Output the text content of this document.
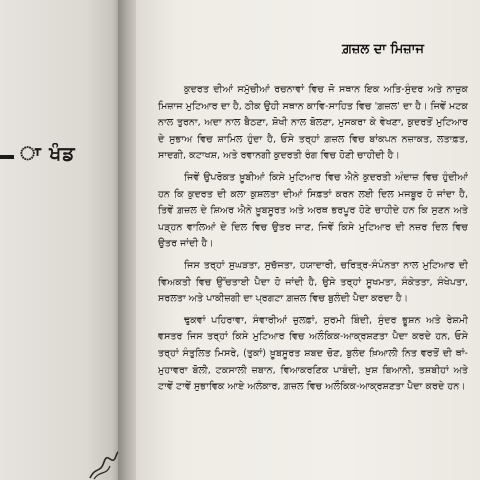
ਾ ਖੰਡ
ਗ਼ਜ਼ਲ ਦਾ ਮਿਜ਼ਾਜ

ਕੁਦਰਤ ਦੀਆਂ ਸਮੁੱਚੀਆਂ ਰਚਨਾਵਾਂ ਵਿਚ ਜੋ ਸਥਾਨ ਇਕ ਅਤਿ-ਸੁੰਦਰ ਅਤੇ ਨਾਜ਼ੁਕ ਮਿਜ਼ਾਜ ਮੁਟਿਆਰ ਦਾ ਹੈ, ਠੀਕ ਉਹੀ ਸਥਾਨ ਕਾਵਿ-ਸਾਹਿਤ ਵਿਚ 'ਗ਼ਜ਼ਲ' ਦਾ ਹੈ। ਜਿਵੇਂ ਮਟਕ ਨਾਲ ਤੁਰਨਾ, ਅਦਾ ਨਾਲ ਬੈਠਣਾ, ਸ਼ੋਖੀ ਨਾਲ ਬੋਲਣਾ, ਮੁਸਕਰਾ ਕੇ ਵੇਖਣਾ, ਕੁਦਰਤੋਂ ਮੁਟਿਆਰ ਦੇ ਸੁਭਾਅ ਵਿਚ ਸ਼ਾਮਿਲ ਹੁੰਦਾ ਹੈ, ਓਸੇ ਤਰ੍ਹਾਂ ਗ਼ਜ਼ਲ ਵਿਚ ਬਾਂਕਪਨ ਨਜ਼ਾਕਤ, ਲਤਾਫ਼ਤ, ਸਾਦਗੀ, ਕਟਾਖਸ਼, ਅਤੇ ਰਵਾਨਗੀ ਕੁਦਰਤੀ ਰੰਗ ਵਿਚ ਹੋਣੀ ਚਾਹੀਦੀ ਹੈ।

ਜਿਵੇਂ ਉਪਰੋਕਤ ਖ਼ੂਬੀਆਂ ਕਿਸੇ ਮੁਟਿਆਰ ਵਿਚ ਐਨੇ ਕੁਦਰਤੀ ਅੰਦਾਜ਼ ਵਿਚ ਹੁੰਦੀਆਂ ਹਨ ਕਿ ਕੁਦਰਤ ਦੀ ਕਲਾ ਕੁਸ਼ਲਤਾ ਦੀਆਂ ਸਿਫ਼ਤਾਂ ਕਰਨ ਲਈ ਦਿਲ ਮਜਬੂਰ ਹੋ ਜਾਂਦਾ ਹੈ, ਤਿਵੇਂ ਗ਼ਜ਼ਲ ਦੇ ਸ਼ਿਅਰ ਐਨੇ ਖ਼ੂਬਸੂਰਤ ਅਤੇ ਅਰਥ ਭਰਪੂਰ ਹੋਣੇ ਚਾਹੀਦੇ ਹਨ ਕਿ ਸੁਣਨ ਅਤੇ ਪੜ੍ਹਨ ਵਾਲਿਆਂ ਦੇ ਦਿਲ ਵਿਚ ਉਤਰ ਜਾਣ, ਜਿਵੇਂ ਕਿਸੇ ਮੁਟਿਆਰ ਦੀ ਨਜ਼ਰ ਦਿਲ ਵਿਚ ਉਤਰ ਜਾਂਦੀ ਹੈ।

ਜਿਸ ਤਰ੍ਹਾਂ ਸੁਘੜਤਾ, ਸੁਚੱਜਤਾ, ਹਯਾਦਾਰੀ, ਚਰਿਤ੍ਰ-ਸੰਪੰਨਤਾ ਨਾਲ ਮੁਟਿਆਰ ਦੀ ਵਿਅਕਤੀ ਵਿਚ ਉੱਚਤਾਈ ਪੈਦਾ ਹੋ ਜਾਂਦੀ ਹੈ, ਉਸੇ ਤਰ੍ਹਾਂ ਸੂਖਮਤਾ, ਸੰਕੇਤਤਾ, ਸੰਖੇਪਤਾ, ਸਰਲਤਾ ਅਤੇ ਪਾਕੀਜ਼ਗੀ ਦਾ ਪ੍ਰਗਟਾ ਗ਼ਜ਼ਲ ਵਿਚ ਬੁਲੰਦੀ ਪੈਦਾ ਕਰਦਾ ਹੈ।

ਢੁਕਵਾਂ ਪਹਿਰਾਵਾ, ਸੰਵਾਰੀਆਂ ਜ਼ੁਲਫ਼ਾਂ, ਸੁਰਮੀ ਬਿੰਦੀ, ਸੁੰਦਰ ਭੂਸ਼ਨ ਅਤੇ ਰੇਸ਼ਮੀ ਵਸਤਰ ਜਿਸ ਤਰ੍ਹਾਂ ਕਿਸੇ ਮੁਟਿਆਰ ਵਿਚ ਅਲੌਕਿਕ-ਆਕ੍ਰਸ਼ਣਤਾ ਪੈਦਾ ਕਰਦੇ ਹਨ, ਓਸੇ ਤਰ੍ਹਾਂ ਸੰਤੁਲਿਤ ਮਿਸਰੇ, (ਤੁਕਾਂ) ਖ਼ੂਬਸੂਰਤ ਸ਼ਬਦ ਚੋਣ, ਬੁਲੰਦ ਖ਼ਿਆਲੀ ਨਿਤ ਵਰਤੋਂ ਦੀ ਥਾਂ-ਮੁਹਾਵਰਾ ਬੋਲੀ, ਟਕਸਾਲੀ ਜ਼ਬਾਨ, ਵਿਆਕਰਣਿਕ ਪਾਬੰਦੀ, ਖ਼ੁਸ਼ ਬਿਆਨੀ, ਤਸ਼ਬੀਹਾਂ ਅਤੇ ਟਾਵੇਂ ਟਾਵੇਂ ਸੁਭਾਵਿਕ ਆਏ ਅਲੰਕਾਰ, ਗ਼ਜ਼ਲ ਵਿਚ ਅਲੌਕਿਕ-ਆਕ੍ਰਸ਼ਣਤਾ ਪੈਦਾ ਕਰਦੇ ਹਨ।
